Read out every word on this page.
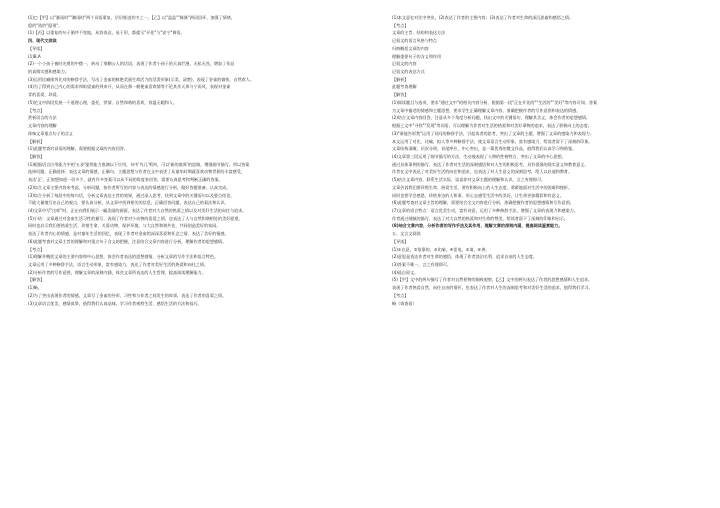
(1)□【甲】以"暴雨时""骤雨时"两个词语重复，层层推进其中之一，【乙】以"盈盈""脉脉"两词回环、加强了情绪，
隐约"依约"隐现"。
(1)【丙】以重复的句子循序不变地，从容表达，易于形，都提示"开花"与"安宁"调语。
四、现代文阅读
【导读】
(1)B,A
(2)一个小孩子被时光剪的中摆一，转动了那侧公人的话语，表现了作者小孩子的天真烂漫、无私无畏，增加了作品
的真情实感和感染力。
(3)运用比喻排列比对的修辞手法，写出了金雀的鲜艳美丽生命活力的活泼形象(示美，清楚)，表现了金雀的愉快，自然欢人。
(4)为了得到自己内心的需求和盼望雀的到来开，从而在那一朝便雀喜欢情等不论其作天奔与宁而风，表现对金雀
青的喜爱、珍爱。
(5)论文中阶段发展一个道理心理，委托、赏情、自然和谐的喜欢，容温无暇和人。
【考点】
赏析语言的方法
文章内容的理解
体味文章重点句子的含义
【解析】
(1)此题考查对词语的理解，需要根据文章的内容回答。
【解答】
(1)根据语言应用能力中的'五步'鉴赏能力推测以下应用，句中'鸟儿'鸣叫，可以'新的境界'的思路，增强细节描写。所以答案
选择问题，正确选择、表达文章的情感，正确句，主题思想与作者在文中表述了从童年时期就喜欢动物世界的丰富感受，
表达'正'，正如想知道一切多少，就有许多答案可以从不同的角度来回答，需要认真思考和判断正确的答案。
(2)综合文章主要内容来考虑，分析问题，按作者所写的内容与表达的情感进行分析，做好答题准备，认真完成。
(3)综合分析了每段中的每句话，分析文章表达主旨的效果，通过深入思考，找到文章中的关键语句以及要点结论。
不能大量地写出自己的观点，要认真分析，从文章中找到相关的信息，正确回答问题，表达自己的看法和认识。
(4)文章中写"这样"时，正在向我们展示一幅美丽的画面，表达了作者对大自然的热爱之情以及对美好生活的向往与追求。
(5)小结：文章通过对金雀生活习性的描写，表现了作者对小动物的喜爱之情，也表达了人与自然和谐相处的美好愿望，
同时也启示我们要热爱生活、珍惜生命、关爱动物、保护环境，与大自然和谐共处，共同创造美好的家园。
表达了作者内心的情感，是对童年生活的回忆，表现了作者对金雀的深深喜爱和怀念之情，表达了美好的情感。
(6)此题考查对文章主旨的理解和对重点句子含义的把握，注意结合文章内容进行分析，理解作者的思想感情。
【考点】
(1)理解并概括文章的主要内容和中心思想，体会作者表达的思想感情，分析文章的写作手法和语言特色。
文章运用了多种修辞手法，语言生动形象，富有感染力，表达了作者对美好生活的热爱和向往之情。
(2)分析作者的写作意图，理解文章的深刻内涵，体会文章所表达的人生哲理，提高阅读理解能力。
【解答】
(1)略。
(2)为了突出表现作者的情感，文章写了金雀的外形、习性和与作者之间发生的故事，表达了作者的喜爱之情。
(3)文章语言优美，感情真挚，值得我们认真品味，学习作者观察生活、感悟生活的方法和技巧。
(1)本文意在对比中突出，(2)表达了作者的主要内容；(3)表达了作者对生命的深沉思索和感悟之情。
【考点】
文章的主旨、结构和表达方法
记叙文的语言风格与特点
归纳概括文章的内容
理解重要句子的含义和作用
记叙文的内容
记叙文的表达方式
【解析】
此题考查理解
【解答】
(1)阅读题目与选项，要求"通过文中"的相关内容分析，根据第一段"正在开花的""生活的""美好"等内容可知，答案
为文章中描述的情感和主题思想，要求学生正确理解文章内容，准确把握作者的写作意图和表达的情感。
(2)结合文章内容回答，注意从多个角度分析问题，找出文中的关键语句，理解其含义，体会作者的思想感情。
根据上文中"寻找""发现"等词语，可以理解为作者对生活的热爱和对美好事物的追求，表达了积极向上的态度。
(3)"谁能告诉我"运用了设问的修辞手法，引起读者的思考，突出了文章的主题，增强了文章的感染力和表现力。
本文运用了对比、比喻、拟人等多种修辞手法，使文章语言生动形象，富有感染力，给读者留下了深刻的印象。
文章结构清晰，层次分明，首尾呼应，中心突出，是一篇优秀的散文作品，值得我们认真学习和借鉴。
(4)文章第三段运用了细节描写的方法，生动地表现了人物的性格特点，突出了文章的中心思想。
通过具体事例的描写，表达了作者对生活的深刻感悟和对人生的积极思考，具有很强的现实意义和教育意义。
作者在文中表达了对美好生活的向往和追求，也表达了对人生意义的深刻思考，给人以启迪和教育。
(5)结合文章内容，联系生活实际，谈谈你对文章主题的理解和认识，言之有理即可。
文章告诉我们要珍惜生命、热爱生活，要有积极向上的人生态度，勇敢地面对生活中的困难和挫折。
同时也要学会感恩，珍惜身边的人和事，用心去感受生活中的美好，让生命更加精彩和有意义。
(6)此题考查对文章主旨的理解，需要结合全文内容进行分析，准确把握作者的思想感情和写作意图。
(7)文章的语言特点：语言优美生动，富有诗意，运用了多种修辞手法，增强了文章的表现力和感染力。
作者通过细腻的描写，表达了对大自然的热爱和对生命的赞美，给读者留下了深刻的印象和启示。
(8)结合文章内容，分析作者的写作手法及其作用，理解文章的深刻内涵，提高阅读鉴赏能力。
五、文言文阅读
【导读】
(1)①在意，②依靠的，③比喻，④雷电，⑤请，⑥善。
(2)意思是表达作者对生命的感悟，体现了作者淡泊名利、追求自由的人生态度。
(3)答案不唯一，言之有理即可。
(4)选自原文。
(5)【甲】文中的两句描写了作者对自然景物的细致观察，【乙】文中的两句表达了作者的思想感情和人生追求。
表现了作者热爱自然、向往自由的情怀，也表达了作者对人生的深刻思考和对美好生活的追求，值得我们学习。
【考点】
略（请查看）
